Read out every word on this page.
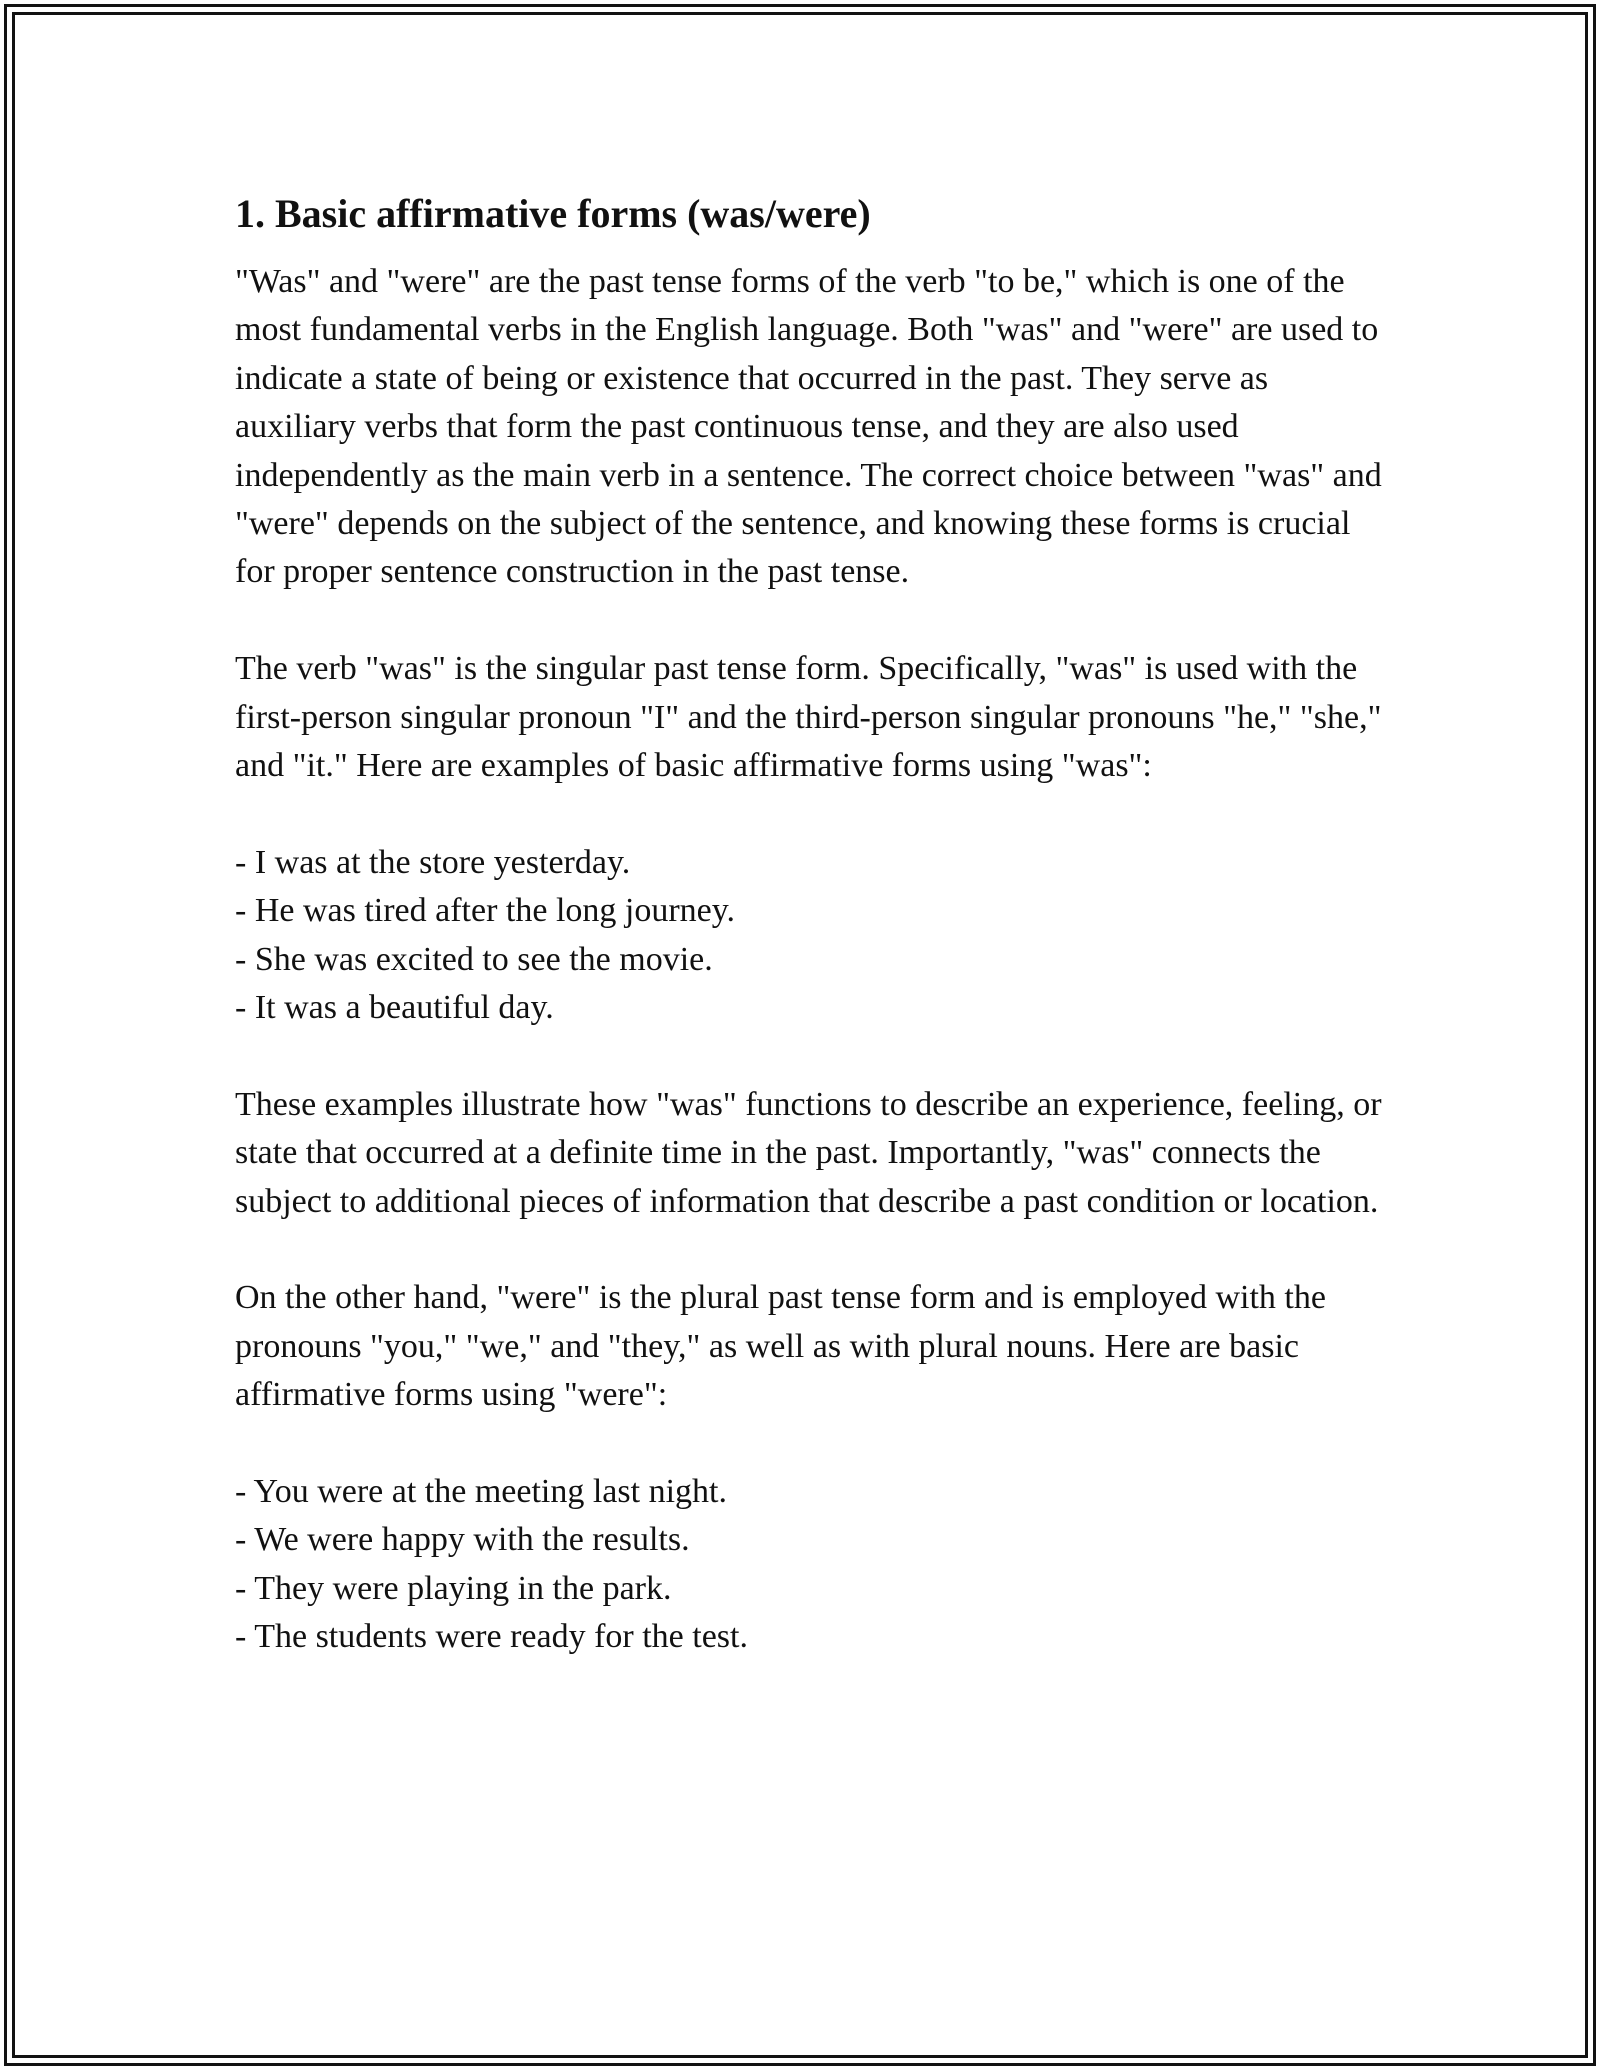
1. Basic affirmative forms (was/were)

"Was" and "were" are the past tense forms of the verb "to be," which is one of the most fundamental verbs in the English language. Both "was" and "were" are used to indicate a state of being or existence that occurred in the past. They serve as auxiliary verbs that form the past continuous tense, and they are also used independently as the main verb in a sentence. The correct choice between "was" and "were" depends on the subject of the sentence, and knowing these forms is crucial for proper sentence construction in the past tense.

The verb "was" is the singular past tense form. Specifically, "was" is used with the first-person singular pronoun "I" and the third-person singular pronouns "he," "she," and "it." Here are examples of basic affirmative forms using "was":

- I was at the store yesterday.
- He was tired after the long journey.
- She was excited to see the movie.
- It was a beautiful day.

These examples illustrate how "was" functions to describe an experience, feeling, or state that occurred at a definite time in the past. Importantly, "was" connects the subject to additional pieces of information that describe a past condition or location.

On the other hand, "were" is the plural past tense form and is employed with the pronouns "you," "we," and "they," as well as with plural nouns. Here are basic affirmative forms using "were":

- You were at the meeting last night.
- We were happy with the results.
- They were playing in the park.
- The students were ready for the test.
